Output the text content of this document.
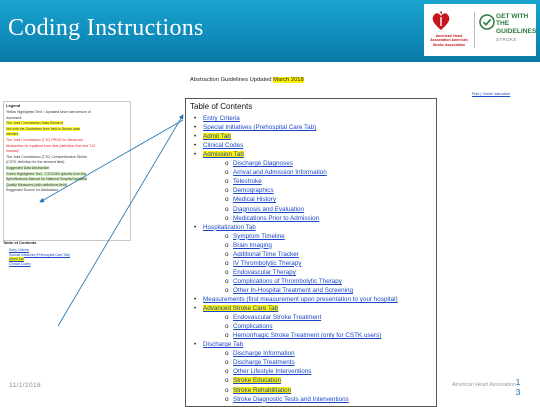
Coding Instructions	American Heart Association American Stroke Association
GET WITH THE
GUIDELINES.
STROKE
Abstraction Guidelines Updated March 2018
Print | Online Instruction
Legend
Yellow Highlighted Text = Updated since last version of
document
The Joint Commission Data Element
Not with the Guidelines form field is Stroke data
element
The Joint Commission (TJC) PROD for Measures
Abstraction for Inpatient form field (definition from the TJC
manual)
The Joint Commission (TJC) Comprehensive Stroke
(CSTK definition for the element field)
Suggested Data Abstraction
Green Highlighted Text - TJC/CMS specific from the
Specifications Manual for National Hospital Inpatient
Quality Measures (with definitions field)
Suggested Source for Abstraction
Table of Contents
Entry Criteria
Special Initiatives (Prehospital Care Tab)
Admit Tab
Clinical Codes
Table of Contents
• Entry Criteria
• Special Initiatives (Prehospital Care Tab)
• Admit Tab
• Clinical Codes
• Admission Tab
o Discharge Diagnoses
o Arrival and Admission Information
o Telestroke
o Demographics
o Medical History
o Diagnosis and Evaluation
o Medications Prior to Admission
• Hospitalization Tab
o Symptom Timeline
o Brain Imaging
o Additional Time Tracker
o IV Thrombolytic Therapy
o Endovascular Therapy
o Complications of Thrombolytic Therapy
o Other In-Hospital Treatment and Screening
• Measurements (first measurement upon presentation to your hospital)
• Advanced Stroke Care Tab
o Endovascular Stroke Treatment
o Complications
o Hemorrhagic Stroke Treatment (only for CSTK users)
• Discharge Tab
o Discharge Information
o Discharge Treatments
o Other Lifestyle Interventions
o Stroke Education
o Stroke Rehabilitation
o Stroke Diagnostic Tests and Interventions
11/1/2018	American Heart Association 1
3
